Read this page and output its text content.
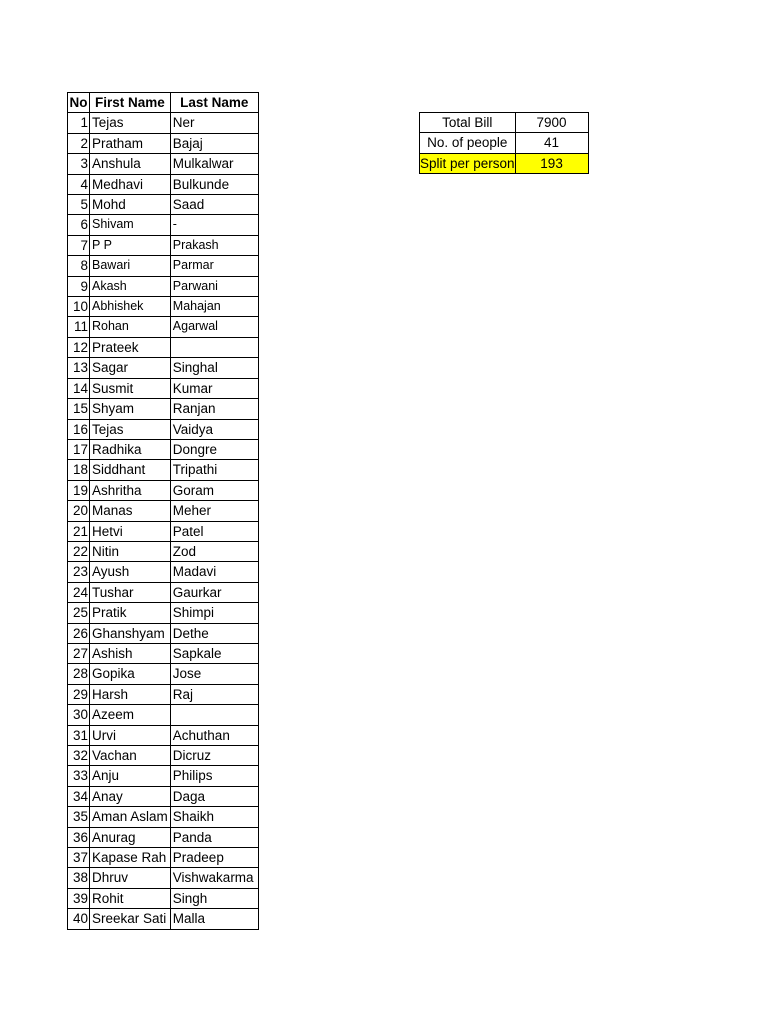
No	First Name	Last Name
1	Tejas	Ner
2	Pratham	Bajaj
3	Anshula	Mulkalwar
4	Medhavi	Bulkunde
5	Mohd	Saad
6	Shivam	-
7	P P	Prakash
8	Bawari	Parmar
9	Akash	Parwani
10	Abhishek	Mahajan
11	Rohan	Agarwal
12	Prateek	
13	Sagar	Singhal
14	Susmit	Kumar
15	Shyam	Ranjan
16	Tejas	Vaidya
17	Radhika	Dongre
18	Siddhant	Tripathi
19	Ashritha	Goram
20	Manas	Meher
21	Hetvi	Patel
22	Nitin	Zod
23	Ayush	Madavi
24	Tushar	Gaurkar
25	Pratik	Shimpi
26	Ghanshyam	Dethe
27	Ashish	Sapkale
28	Gopika	Jose
29	Harsh	Raj
30	Azeem	
31	Urvi	Achuthan
32	Vachan	Dicruz
33	Anju	Philips
34	Anay	Daga
35	Aman Aslam	Shaikh
36	Anurag	Panda
37	Kapase Rah	Pradeep
38	Dhruv	Vishwakarma
39	Rohit	Singh
40	Sreekar Sati	Malla
Total Bill	7900
No. of people	41
Split per person	193
